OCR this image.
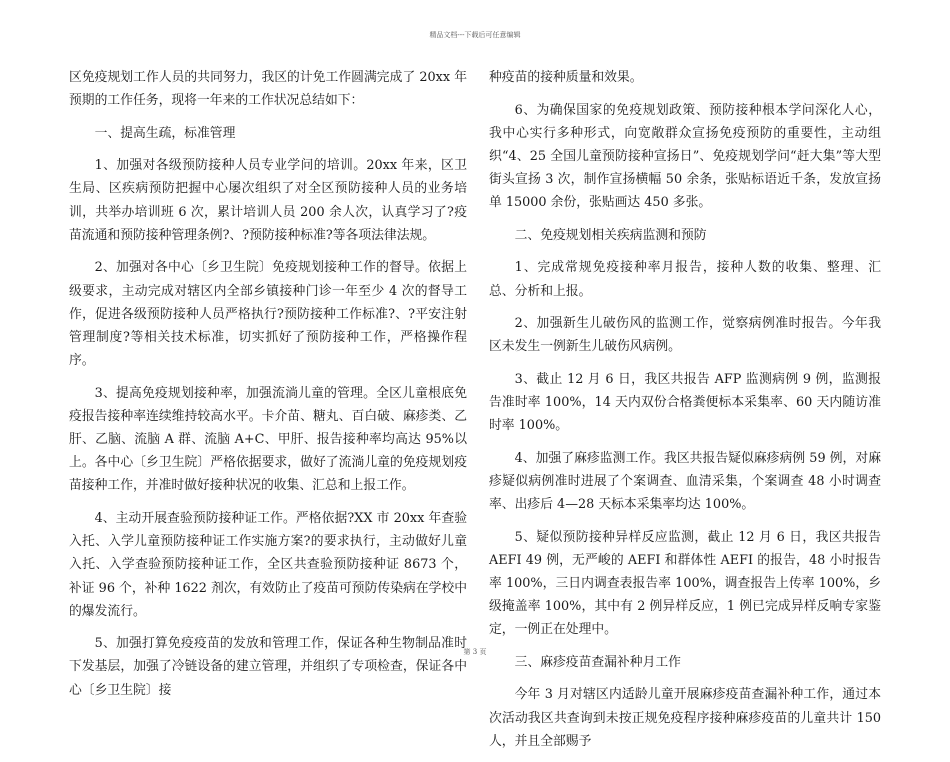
精品文档---下载后可任意编辑

区免疫规划工作人员的共同努力，我区的计免工作圆满完成了 20xx 年预期的工作任务，现将一年来的工作状况总结如下：

一、提高生疏，标准管理

1、加强对各级预防接种人员专业学问的培训。20xx 年来，区卫生局、区疾病预防把握中心屡次组织了对全区预防接种人员的业务培训，共举办培训班 6 次，累计培训人员 200 余人次，认真学习了?疫苗流通和预防接种管理条例?、?预防接种标准?等各项法律法规。

2、加强对各中心〔乡卫生院〕免疫规划接种工作的督导。依据上级要求，主动完成对辖区内全部乡镇接种门诊一年至少 4 次的督导工作，促进各级预防接种人员严格执行?预防接种工作标准?、?平安注射管理制度?等相关技术标准，切实抓好了预防接种工作，严格操作程序。

3、提高免疫规划接种率，加强流淌儿童的管理。全区儿童根底免疫报告接种率连续维持较高水平。卡介苗、糖丸、百白破、麻疹类、乙肝、乙脑、流脑 A 群、流脑 A+C、甲肝、报告接种率均高达 95%以上。各中心〔乡卫生院〕严格依据要求，做好了流淌儿童的免疫规划疫苗接种工作，并准时做好接种状况的收集、汇总和上报工作。

4、主动开展查验预防接种证工作。严格依据?XX 市 20xx 年查验入托、入学儿童预防接种证工作实施方案?的要求执行，主动做好儿童入托、入学查验预防接种证工作，全区共查验预防接种证 8673 个，补证 96 个，补种 1622 剂次，有效防止了疫苗可预防传染病在学校中的爆发流行。

5、加强打算免疫疫苗的发放和管理工作，保证各种生物制品准时下发基层，加强了冷链设备的建立管理，并组织了专项检查，保证各中心〔乡卫生院〕接

种疫苗的接种质量和效果。

6、为确保国家的免疫规划政策、预防接种根本学问深化人心，我中心实行多种形式，向宽敞群众宣扬免疫预防的重要性，主动组织“4、25 全国儿童预防接种宣扬日”、免疫规划学问“赶大集”等大型街头宣扬 3 次，制作宣扬横幅 50 余条，张贴标语近千条，发放宣扬单 15000 余份，张贴画达 450 多张。

二、免疫规划相关疾病监测和预防

1、完成常规免疫接种率月报告，接种人数的收集、整理、汇总、分析和上报。

2、加强新生儿破伤风的监测工作，觉察病例准时报告。今年我区未发生一例新生儿破伤风病例。

3、截止 12 月 6 日，我区共报告 AFP 监测病例 9 例，监测报告准时率 100%，14 天内双份合格粪便标本采集率、60 天内随访准时率 100%。

4、加强了麻疹监测工作。我区共报告疑似麻疹病例 59 例，对麻疹疑似病例准时进展了个案调查、血清采集，个案调查 48 小时调查率、出疹后 4—28 天标本采集率均达 100%。

5、疑似预防接种异样反应监测，截止 12 月 6 日，我区共报告 AEFI 49 例，无严峻的 AEFI 和群体性 AEFI 的报告，48 小时报告率 100%，三日内调查表报告率 100%，调查报告上传率 100%，乡级掩盖率 100%，其中有 2 例异样反应，1 例已完成异样反响专家鉴定，一例正在处理中。

三、麻疹疫苗查漏补种月工作

今年 3 月对辖区内适龄儿童开展麻疹疫苗查漏补种工作，通过本次活动我区共查询到未按正规免疫程序接种麻疹疫苗的儿童共计 150 人，并且全部赐予

第 3 页
